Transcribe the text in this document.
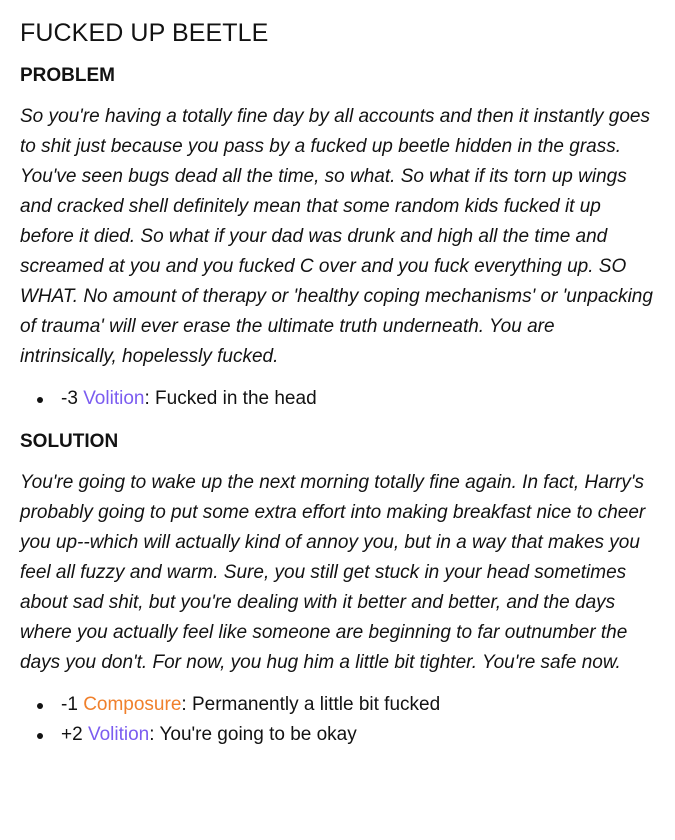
FUCKED UP BEETLE
PROBLEM

So you're having a totally fine day by all accounts and then it instantly goes to shit just because you pass by a fucked up beetle hidden in the grass. You've seen bugs dead all the time, so what. So what if its torn up wings and cracked shell definitely mean that some random kids fucked it up before it died. So what if your dad was drunk and high all the time and screamed at you and you fucked C over and you fuck everything up. SO WHAT. No amount of therapy or 'healthy coping mechanisms' or 'unpacking of trauma' will ever erase the ultimate truth underneath. You are intrinsically, hopelessly fucked.

-3 Volition: Fucked in the head
SOLUTION

You're going to wake up the next morning totally fine again. In fact, Harry's probably going to put some extra effort into making breakfast nice to cheer you up--which will actually kind of annoy you, but in a way that makes you feel all fuzzy and warm. Sure, you still get stuck in your head sometimes about sad shit, but you're dealing with it better and better, and the days where you actually feel like someone are beginning to far outnumber the days you don't. For now, you hug him a little bit tighter. You're safe now.

-1 Composure: Permanently a little bit fucked
+2 Volition: You're going to be okay
